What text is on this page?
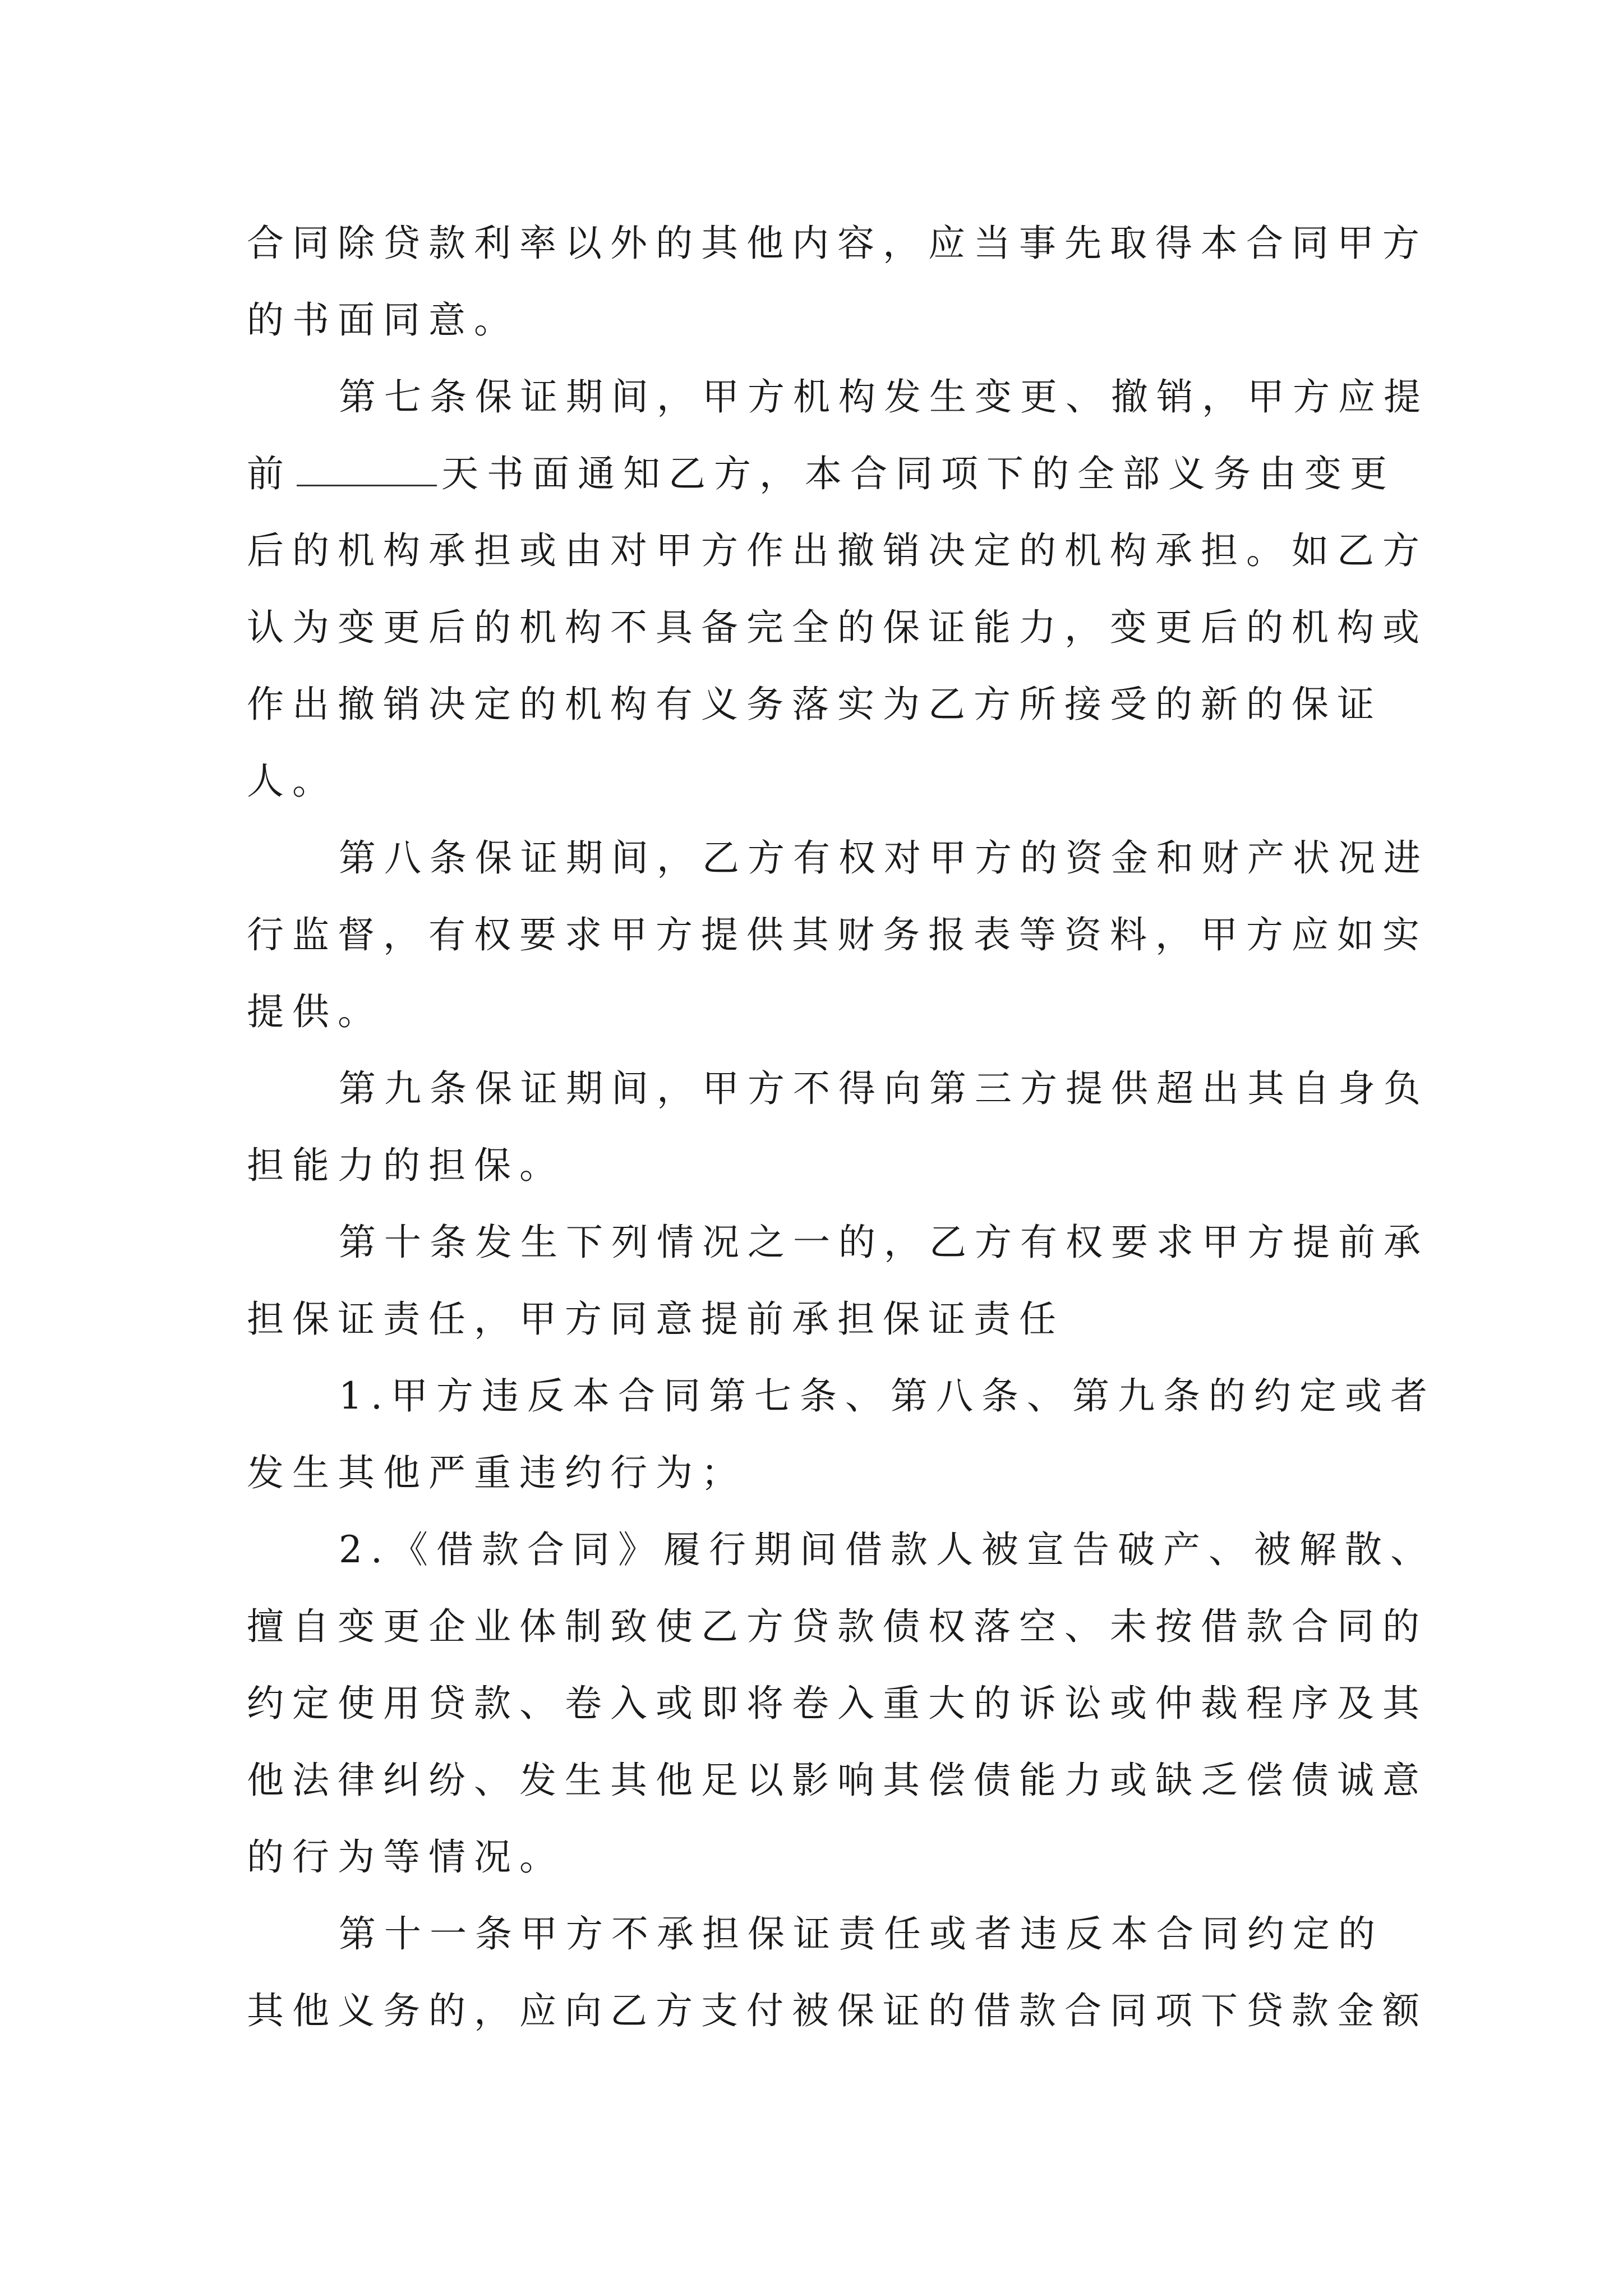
合同除贷款利率以外的其他内容，应当事先取得本合同甲方
的书面同意。
第七条保证期间，甲方机构发生变更、撤销，甲方应提
前	天书面通知乙方，本合同项下的全部义务由变更
后的机构承担或由对甲方作出撤销决定的机构承担。如乙方
认为变更后的机构不具备完全的保证能力，变更后的机构或
作出撤销决定的机构有义务落实为乙方所接受的新的保证
人。
第八条保证期间，乙方有权对甲方的资金和财产状况进
行监督，有权要求甲方提供其财务报表等资料，甲方应如实
提供。
第九条保证期间，甲方不得向第三方提供超出其自身负
担能力的担保。
第十条发生下列情况之一的，乙方有权要求甲方提前承
担保证责任，甲方同意提前承担保证责任
1.甲方违反本合同第七条、第八条、第九条的约定或者
发生其他严重违约行为；
2.《借款合同》履行期间借款人被宣告破产、被解散、
擅自变更企业体制致使乙方贷款债权落空、未按借款合同的
约定使用贷款、卷入或即将卷入重大的诉讼或仲裁程序及其
他法律纠纷、发生其他足以影响其偿债能力或缺乏偿债诚意
的行为等情况。
第十一条甲方不承担保证责任或者违反本合同约定的
其他义务的，应向乙方支付被保证的借款合同项下贷款金额
